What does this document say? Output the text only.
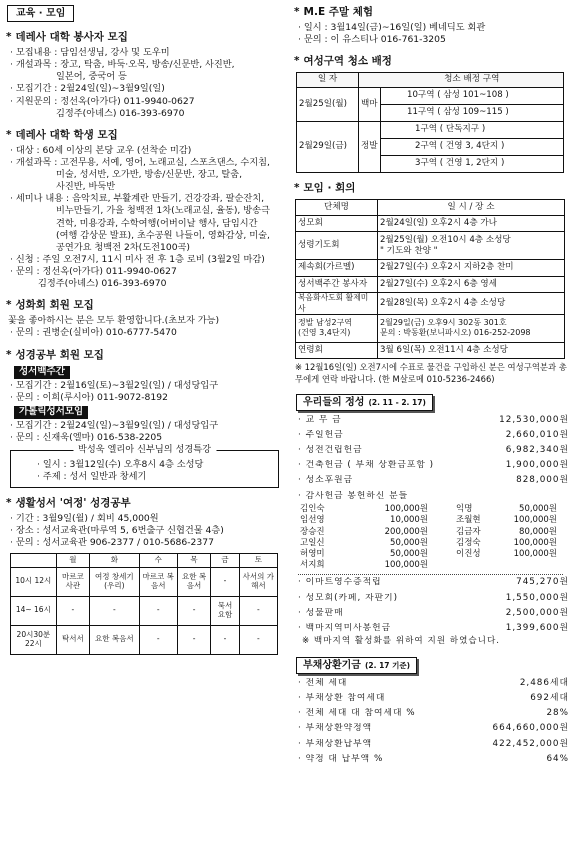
교육 · 모임
* 데레사 대학 봉사자 모집
· 모집내용 : 담임선생님, 강사 및 도우미
· 개설과목 : 장고, 탁춤, 바둑·오목, 방송/신문반, 사진반,
일본어, 중국어 등
· 모집기간 : 2월24일(일)~3월9일(일)
· 지원문의 : 정선옥(아가다) 011-9940-0627
김정주(아녜스) 016-393-6970
* 데레사 대학 학생 모집
· 대상 : 60세 이상의 본당 교우 (선착순 미감)
· 개설과목 : 고전무용, 서예, 영어, 노래교실, 스포츠댄스, 수지침,
미술, 성서반, 오가반, 방송/신문반, 장고, 탈춤,
사진반, 바둑반
· 세미나 내용 : 음악치료, 부활계란 만들기, 건강강좌, 팔순잔치,
비누만들기, 가을 청백전 1차(노래교실, 율동), 방송극
견학, 미용강좌, 수학여행(어버이날 행사, 담임시간
(여행 감상문 발표), 초수공원 나들이, 영화감상, 미술,
공연가요 청백전 2차(도전100곡)
· 신청 : 주일 오전7시, 11시 미사 전 후 1층 로비 (3월2일 마감)
· 문의 : 정선옥(아가다) 011-9940-0627
김정주(아녜스) 016-393-6970
* 성화회 회원 모집
꽃을 좋아하시는 분은 모두 환영합니다.(초보자 가능)
· 문의 : 권병순(실비아) 010-6777-5470
* 성경공부 회원 모집
성서백주간
· 모집기간 : 2월16일(토)~3월2일(일) / 대성당입구
· 문의 : 이희(루시아) 011-9072-8192
가톨릭성서모임
· 모집기간 : 2월24일(일)~3월9일(일) / 대성당입구
· 문의 : 신재욱(엘마) 016-538-2205
박성욱 엘리아 신부님의 성경특강
· 일시 : 3월12일(수) 오후8시 4층 소성당
· 주제 : 성서 일반과 창세기
* 생활성서 '여정' 성경공부
· 기간 : 3월9일(월) / 회비 45,000원
· 장소 : 성서교육관(마루역 5, 6번출구 신협건물 4층)
· 문의 : 성서교육관 906-2377 / 010-5686-2377
	월	화	수	목	금	토
10시 12시	마르코 사관	여정 창세기 (우리)	마르코 복음서	요한 복음서	-	사서의 가해서
14~ 16시	-	-	-	-	묵서 요함	-
20시30분 22시	탁서서	요한 복음서	-	-	-	-
* M.E 주말 체험
· 일시 : 3월14일(금)~16일(일) 베네딕도 회관
· 문의 : 이 유스티나 016-761-3205
* 여성구역 청소 배정
일 자		청소 배정 구역
2월25일(월)	백마	10구역 ( 삼성 101~108 )
		11구역 ( 삼성 109~115 )
2월29일(금)	정발	1구역 ( 단독지구 )
		2구역 ( 건영 3, 4단지 )
		3구역 ( 건영 1, 2단지 )
* 모임 · 회의
단체명	일 시 / 장 소
성모회	2월24일(일) 오후2시 4층 가나
성령기도회	2월25일(월) 오전10시 4층 소성당
" 기도와 찬양 "
제속회(가르멜)	2월27일(수) 오후2시 지하2층 찬미
성서백주간 봉사자	2월27일(수) 오후2시 6층 영세
복음화사도회 활제미사	2월28일(목) 오후2시 4층 소성당
정발 남성2구역
(건영 3,4단지)	2월29일(금) 오후9시 302동 301호
문의 : 박동환(보니파시오) 016-252-2098
연령회	3월 6일(목) 오전11시 4층 소성당
※ 12월16일(일) 오전7시에 수표로 물건을 구입하신 분은 여성구역분과 총무에게 연락 바랍니다. (한 M살로메 010-5236-2466)
우리들의 정성 (2. 11 - 2. 17)
· 교 무 금	12,530,000원
· 주일헌금	2,660,010원
· 성전건립헌금	6,982,340원
· 건축헌금 ( 부채 상환금포함 )	1,900,000원
· 성소후원금	828,000원
· 감사헌금 봉헌하신 분들
김인숙	100,000원	익명	50,000원
임선영	10,000원	조월현	100,000원
장승진	200,000원	김금자	80,000원
고일신	50,000원	김정숙	100,000원
허영미	50,000원	이진성	100,000원
서지희	100,000원
· 이마트영수증적립	745,270원
· 성모회(카페, 자판기)	1,550,000원
· 성물판매	2,500,000원
· 백마지역미사봉헌금	1,399,600원
※ 백마지역 활성화를 위하여 지원 하였습니다.
부채상환기금 (2. 17 기준)
· 전체 세대	2,486세대
· 부채상환 참여세대	692세대
· 전체 세대 대 참여세대 %	28%
· 부채상환약정액	664,660,000원
· 부채상환납부액	422,452,000원
· 약정 대 납부액 %	64%
